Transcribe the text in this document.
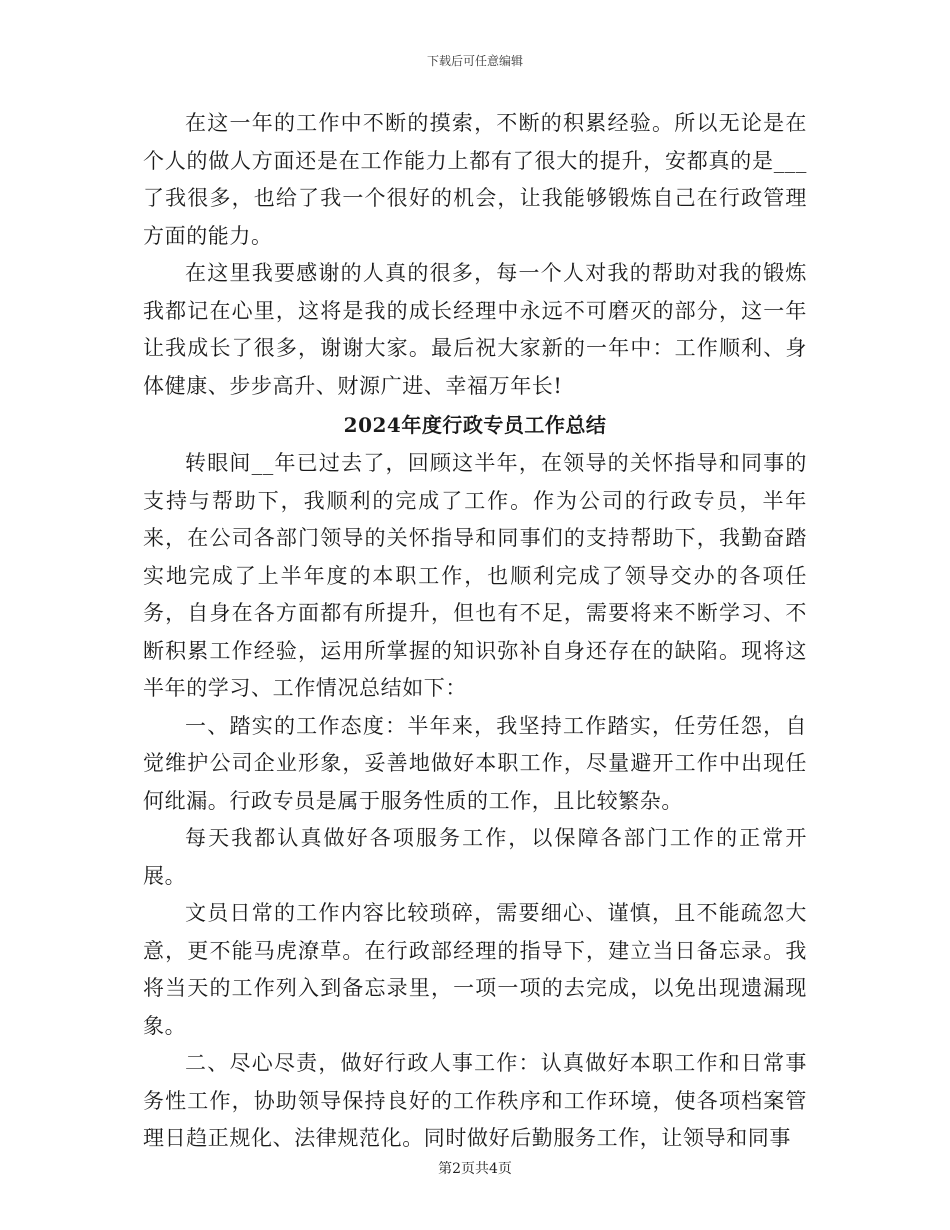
下载后可任意编辑

在这一年的工作中不断的摸索，不断的积累经验。所以无论是在个人的做人方面还是在工作能力上都有了很大的提升，安都真的是___了我很多，也给了我一个很好的机会，让我能够锻炼自己在行政管理方面的能力。

在这里我要感谢的人真的很多，每一个人对我的帮助对我的锻炼我都记在心里，这将是我的成长经理中永远不可磨灭的部分，这一年让我成长了很多，谢谢大家。最后祝大家新的一年中：工作顺利、身体健康、步步高升、财源广进、幸福万年长!

2024年度行政专员工作总结

转眼间__年已过去了，回顾这半年，在领导的关怀指导和同事的支持与帮助下，我顺利的完成了工作。作为公司的行政专员，半年来，在公司各部门领导的关怀指导和同事们的支持帮助下，我勤奋踏实地完成了上半年度的本职工作，也顺利完成了领导交办的各项任务，自身在各方面都有所提升，但也有不足，需要将来不断学习、不断积累工作经验，运用所掌握的知识弥补自身还存在的缺陷。现将这半年的学习、工作情况总结如下：

一、踏实的工作态度：半年来，我坚持工作踏实，任劳任怨，自觉维护公司企业形象，妥善地做好本职工作，尽量避开工作中出现任何纰漏。行政专员是属于服务性质的工作，且比较繁杂。

每天我都认真做好各项服务工作，以保障各部门工作的正常开展。

文员日常的工作内容比较琐碎，需要细心、谨慎，且不能疏忽大意，更不能马虎潦草。在行政部经理的指导下，建立当日备忘录。我将当天的工作列入到备忘录里，一项一项的去完成，以免出现遗漏现象。

二、尽心尽责，做好行政人事工作：认真做好本职工作和日常事务性工作，协助领导保持良好的工作秩序和工作环境，使各项档案管理日趋正规化、法律规范化。同时做好后勤服务工作，让领导和同事

第2页共4页
